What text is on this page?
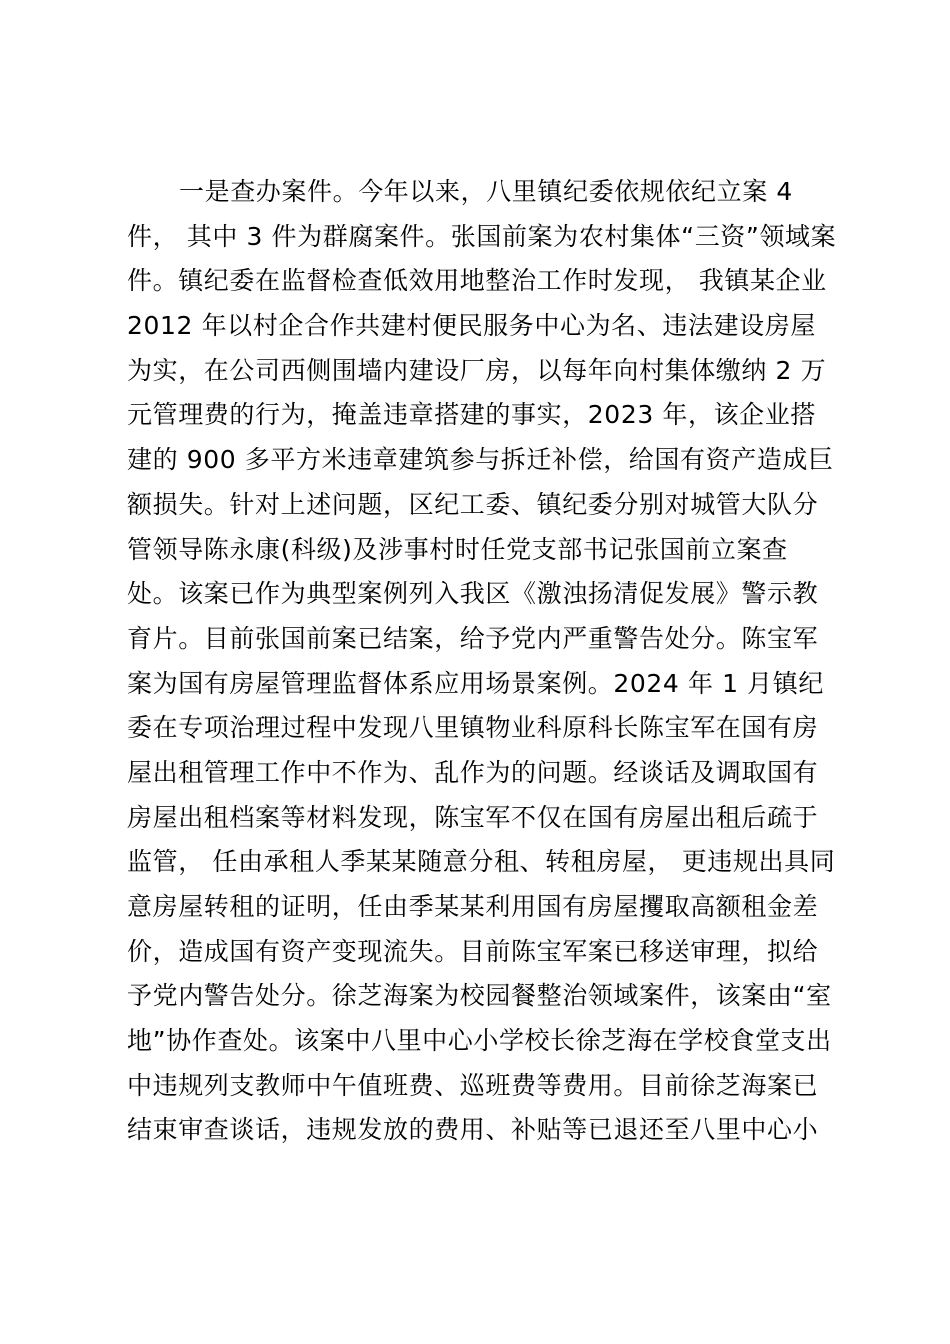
一是查办案件。今年以来，八里镇纪委依规依纪立案 4
件， 其中 3 件为群腐案件。张国前案为农村集体“三资”领域案
件。镇纪委在监督检查低效用地整治工作时发现， 我镇某企业
2012 年以村企合作共建村便民服务中心为名、违法建设房屋
为实，在公司西侧围墙内建设厂房，以每年向村集体缴纳 2 万
元管理费的行为，掩盖违章搭建的事实，2023 年，该企业搭
建的 900 多平方米违章建筑参与拆迁补偿，给国有资产造成巨
额损失。针对上述问题，区纪工委、镇纪委分别对城管大队分
管领导陈永康(科级)及涉事村时任党支部书记张国前立案查
处。该案已作为典型案例列入我区《激浊扬清促发展》警示教
育片。目前张国前案已结案，给予党内严重警告处分。陈宝军
案为国有房屋管理监督体系应用场景案例。2024 年 1 月镇纪
委在专项治理过程中发现八里镇物业科原科长陈宝军在国有房
屋出租管理工作中不作为、乱作为的问题。经谈话及调取国有
房屋出租档案等材料发现，陈宝军不仅在国有房屋出租后疏于
监管， 任由承租人季某某随意分租、转租房屋， 更违规出具同
意房屋转租的证明，任由季某某利用国有房屋攫取高额租金差
价，造成国有资产变现流失。目前陈宝军案已移送审理，拟给
予党内警告处分。徐芝海案为校园餐整治领域案件，该案由“室
地”协作查处。该案中八里中心小学校长徐芝海在学校食堂支出
中违规列支教师中午值班费、巡班费等费用。目前徐芝海案已
结束审查谈话，违规发放的费用、补贴等已退还至八里中心小
